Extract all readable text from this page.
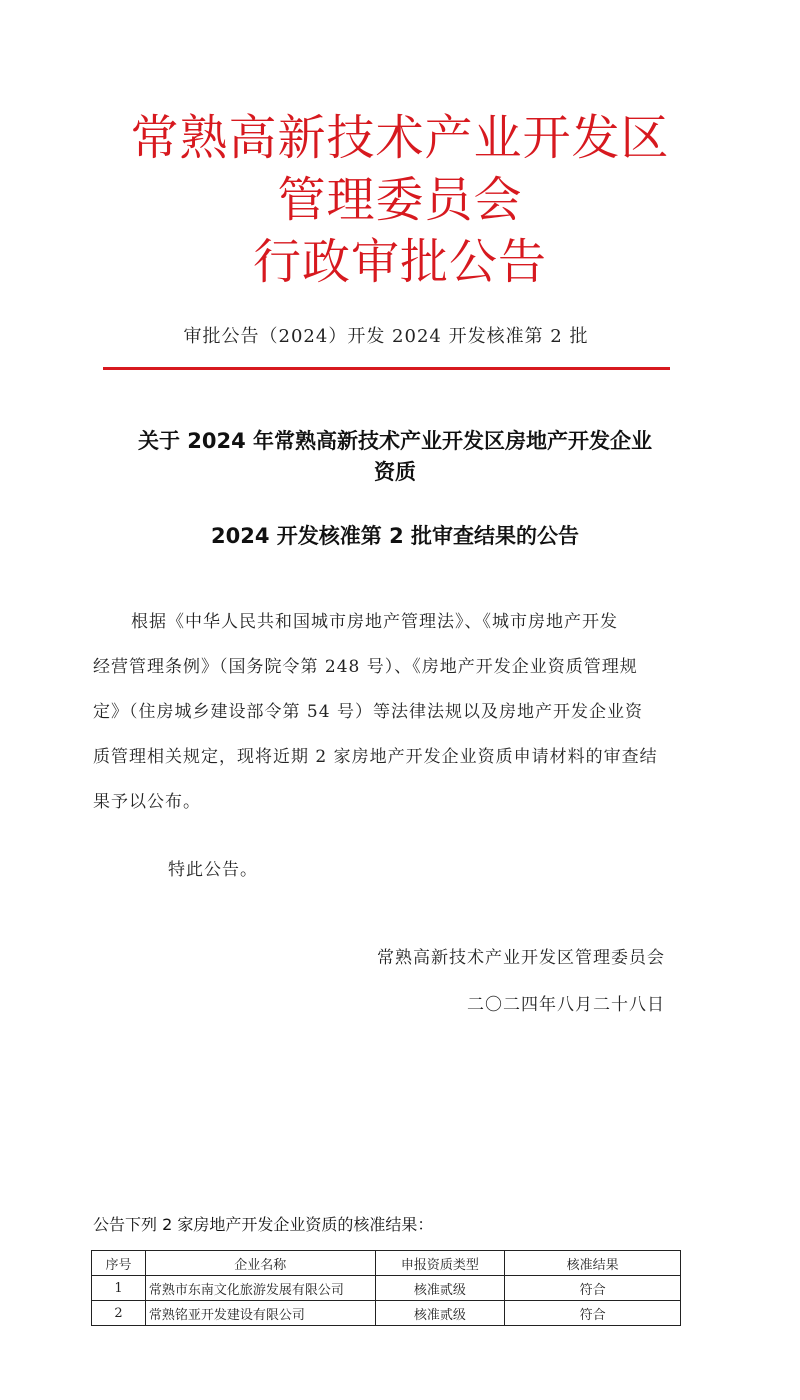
常熟高新技术产业开发区
管理委员会
行政审批公告
审批公告（2024）开发 2024 开发核准第 2 批
关于 2024 年常熟高新技术产业开发区房地产开发企业
资质
2024 开发核准第 2 批审查结果的公告
根据《中华人民共和国城市房地产管理法》、《城市房地产开发
经营管理条例》（国务院令第 248 号）、《房地产开发企业资质管理规
定》（住房城乡建设部令第 54 号）等法律法规以及房地产开发企业资
质管理相关规定，现将近期 2 家房地产开发企业资质申请材料的审查结
果予以公布。
特此公告。
常熟高新技术产业开发区管理委员会
二〇二四年八月二十八日
公告下列 2 家房地产开发企业资质的核准结果：
序号	企业名称	申报资质类型	核准结果
1	常熟市东南文化旅游发展有限公司	核准贰级	符合
2	常熟铭亚开发建设有限公司	核准贰级	符合
